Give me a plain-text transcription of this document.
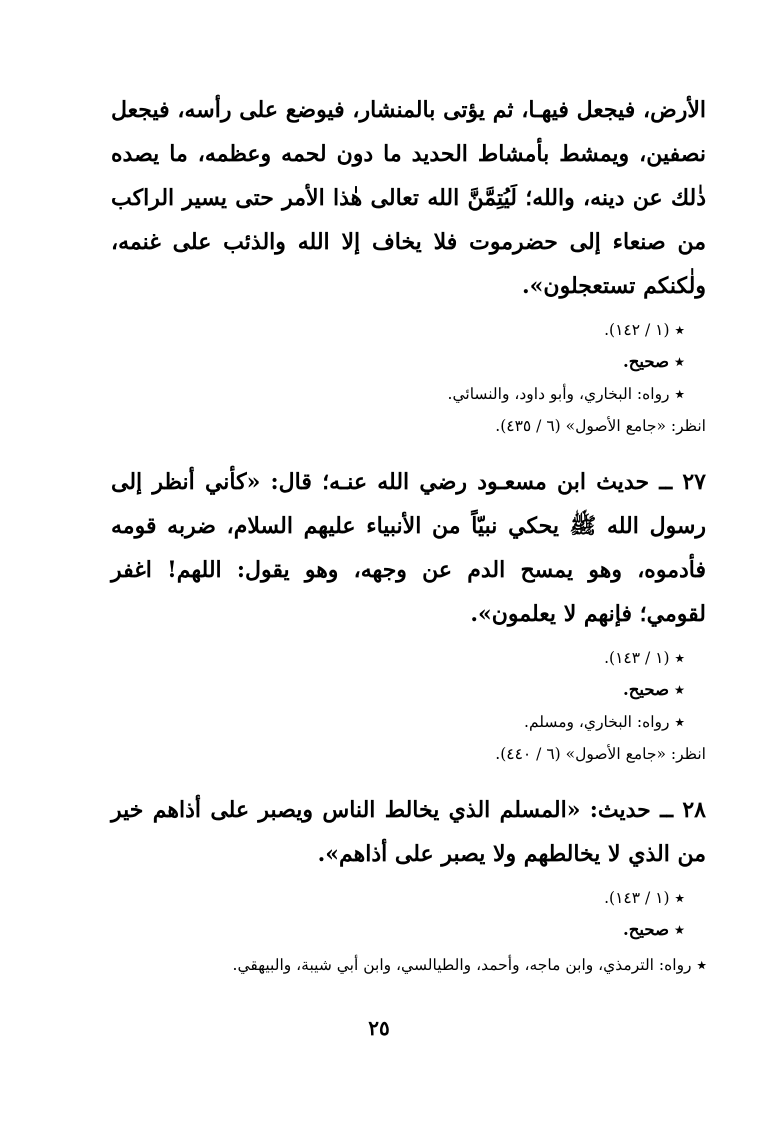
الأرض، فيجعل فيهـا، ثم يؤتى بالمنشار، فيوضع على رأسه، فيجعل نصفين، ويمشط بأمشاط الحديد ما دون لحمه وعظمه، ما يصده ذٰلك عن دينه، والله؛ لَيُتِمَّنَّ الله تعالى هٰذا الأمر حتى يسير الراكب من صنعاء إلى حضرموت فلا يخاف إلا الله والذئب على غنمه، ولٰكنكم تستعجلون».

٭(١ / ١٤٢).

٭صحيح.

٭رواه: البخاري، وأبو داود، والنسائي.

انظر: «جامع الأصول» (٦ / ٤٣٥).

٢٧ ــ حديث ابن مسعـود رضي الله عنـه؛ قال: «كأني أنظر إلى رسول الله ﷺ يحكي نبيّاً من الأنبياء عليهم السلام، ضربه قومه فأدموه، وهو يمسح الدم عن وجهه، وهو يقول: اللهم! اغفر لقومي؛ فإنهم لا يعلمون».

٭(١ / ١٤٣).

٭صحيح.

٭رواه: البخاري، ومسلم.

انظر: «جامع الأصول» (٦ / ٤٤٠).

٢٨ ــ حديث: «المسلم الذي يخالط الناس ويصبر على أذاهم خير من الذي لا يخالطهم ولا يصبر على أذاهم».

٭(١ / ١٤٣).

٭صحيح.

٭رواه: الترمذي، وابن ماجه، وأحمد، والطيالسي، وابن أبي شيبة، والبيهقي.

٢٥
